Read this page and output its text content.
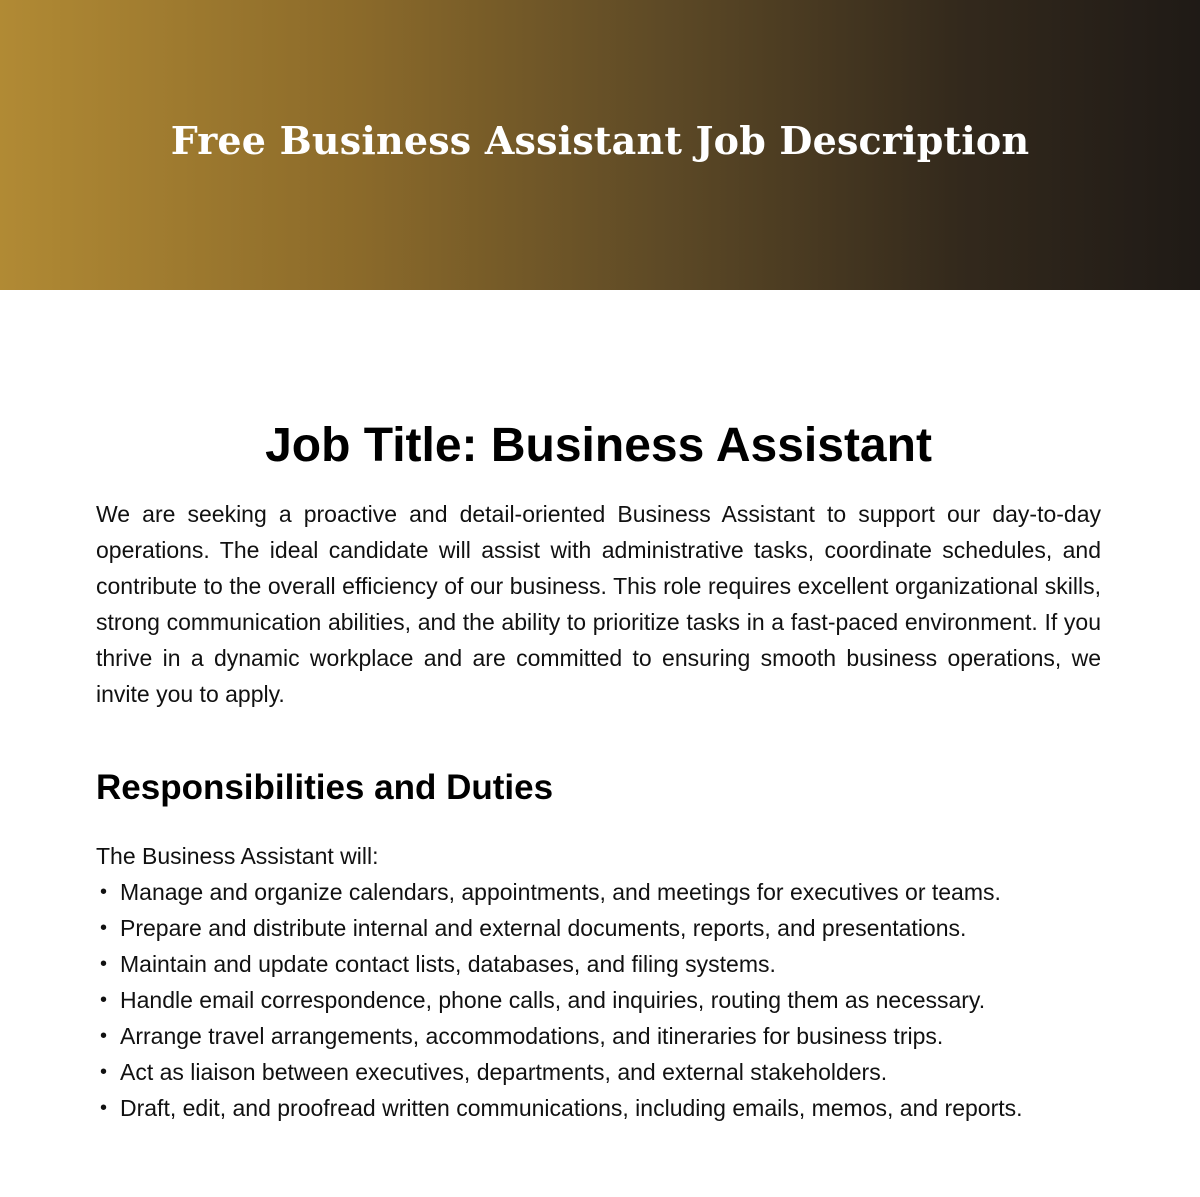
Free Business Assistant Job Description
Job Title: Business Assistant

We are seeking a proactive and detail-oriented Business Assistant to support our day-to-day operations. The ideal candidate will assist with administrative tasks, coordinate schedules, and contribute to the overall efficiency of our business. This role requires excellent organizational skills, strong communication abilities, and the ability to prioritize tasks in a fast-paced environment. If you thrive in a dynamic workplace and are committed to ensuring smooth business operations, we invite you to apply.

Responsibilities and Duties

The Business Assistant will:

• Manage and organize calendars, appointments, and meetings for executives or teams.
• Prepare and distribute internal and external documents, reports, and presentations.
• Maintain and update contact lists, databases, and filing systems.
• Handle email correspondence, phone calls, and inquiries, routing them as necessary.
• Arrange travel arrangements, accommodations, and itineraries for business trips.
• Act as liaison between executives, departments, and external stakeholders.
• Draft, edit, and proofread written communications, including emails, memos, and reports.
